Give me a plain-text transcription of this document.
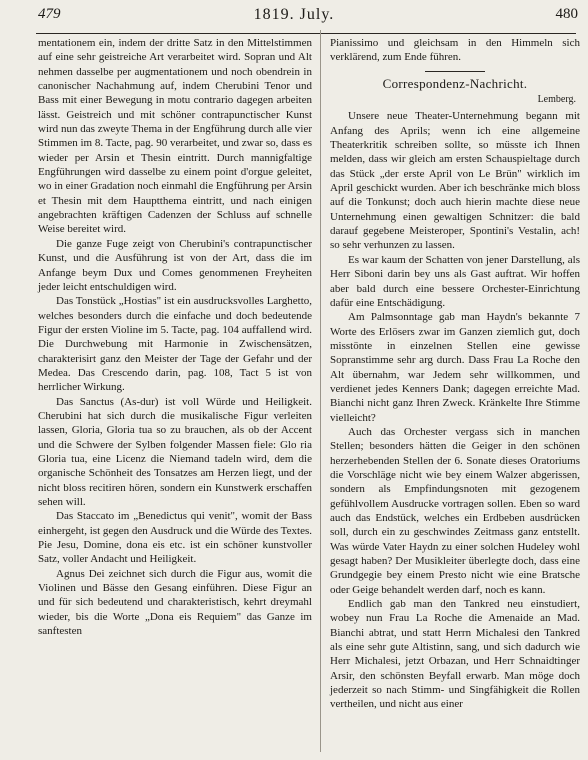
479	1819. July.	480

mentationem ein, indem der dritte Satz in den Mittelstimmen auf eine sehr geistreiche Art verarbeitet wird. Sopran und Alt nehmen dasselbe per augmentationem und noch obendrein in canonischer Nachahmung auf, indem Cherubini Tenor und Bass mit einer Bewegung in motu contrario dagegen arbeiten lässt. Geistreich und mit schöner contrapunctischer Kunst wird nun das zweyte Thema in der Engführung durch alle vier Stimmen im 8. Tacte, pag. 90 verarbeitet, und zwar so, dass es wieder per Arsin et Thesin eintritt. Durch mannigfaltige Engführungen wird dasselbe zu einem point d'orgue geleitet, wo in einer Gradation noch einmahl die Engführung per Arsin et Thesin mit dem Hauptthema eintritt, und nach einigen angebrachten kräftigen Cadenzen der Schluss auf schnelle Weise bereitet wird.

Die ganze Fuge zeigt von Cherubini's contrapunctischer Kunst, und die Ausführung ist von der Art, dass die im Anfange beym Dux und Comes genommenen Freyheiten jeder leicht entschuldigen wird.

Das Tonstück „Hostias" ist ein ausdrucksvolles Larghetto, welches besonders durch die einfache und doch bedeutende Figur der ersten Violine im 5. Tacte, pag. 104 auffallend wird. Die Durchwebung mit Harmonie in Zwischensätzen, charakterisirt ganz den Meister der Tage der Gefahr und der Medea. Das Crescendo darin, pag. 108, Tact 5 ist von herrlicher Wirkung.

Das Sanctus (As-dur) ist voll Würde und Heiligkeit. Cherubini hat sich durch die musikalische Figur verleiten lassen, Gloria, Gloria tua so zu brauchen, als ob der Accent und die Schwere der Sylben folgender Massen fiele: Glo ria Gloria tua, eine Licenz die Niemand tadeln wird, dem die organische Schönheit des Tonsatzes am Herzen liegt, und der nicht bloss recitiren hören, sondern ein Kunstwerk erschaffen sehen will.

Das Staccato im „Benedictus qui venit", womit der Bass einhergeht, ist gegen den Ausdruck und die Würde des Textes. Pie Jesu, Domine, dona eis etc. ist ein schöner kunstvoller Satz, voller Andacht und Heiligkeit.

Agnus Dei zeichnet sich durch die Figur aus, womit die Violinen und Bässe den Gesang einführen. Diese Figur an und für sich bedeutend und charakteristisch, kehrt dreymahl wieder, bis die Worte „Dona eis Requiem" das Ganze im sanftesten

Pianissimo und gleichsam in den Himmeln sich verklärend, zum Ende führen.

Correspondenz-Nachricht.
Lemberg.

Unsere neue Theater-Unternehmung begann mit Anfang des Aprils; wenn ich eine allgemeine Theaterkritik schreiben sollte, so müsste ich Ihnen melden, dass wir gleich am ersten Schauspieltage durch das Stück „der erste April von Le Brün" wirklich im April geschickt wurden. Aber ich beschränke mich bloss auf die Tonkunst; doch auch hierin machte diese neue Unternehmung einen gewaltigen Schnitzer: die bald darauf gegebene Meisteroper, Spontini's Vestalin, ach! so sehr verhunzen zu lassen.

Es war kaum der Schatten von jener Darstellung, als Herr Siboni darin bey uns als Gast auftrat. Wir hoffen aber bald durch eine bessere Orchester-Einrichtung dafür eine Entschädigung.

Am Palmsonntage gab man Haydn's bekannte 7 Worte des Erlösers zwar im Ganzen ziemlich gut, doch misstönte in einzelnen Stellen eine gewisse Sopranstimme sehr arg durch. Dass Frau La Roche den Alt übernahm, war Jedem sehr willkommen, und verdienet jedes Kenners Dank; dagegen erreichte Mad. Bianchi nicht ganz Ihren Zweck. Kränkelte Ihre Stimme vielleicht?

Auch das Orchester vergass sich in manchen Stellen; besonders hätten die Geiger in den schönen herzerhebenden Stellen der 6. Sonate dieses Oratoriums die Vorschläge nicht wie bey einem Walzer abgerissen, sondern als Empfindungsnoten mit gezogenem gefühlvollem Ausdrucke vortragen sollen. Eben so ward auch das Endstück, welches ein Erdbeben ausdrücken soll, durch ein zu geschwindes Zeitmass ganz entstellt. Was würde Vater Haydn zu einer solchen Hudeley wohl gesagt haben? Der Musikleiter überlegte doch, dass eine Grundgegie bey einem Presto nicht wie eine Bratsche oder Geige behandelt werden darf, noch es kann.

Endlich gab man den Tankred neu einstudiert, wobey nun Frau La Roche die Amenaide an Mad. Bianchi abtrat, und statt Herrn Michalesi den Tankred als eine sehr gute Altistinn, sang, und sich dadurch wie Herr Michalesi, jetzt Orbazan, und Herr Schnaidtinger Arsir, den schönsten Beyfall erwarb. Man möge doch jederzeit so nach Stimm- und Singfähigkeit die Rollen vertheilen, und nicht aus einer
